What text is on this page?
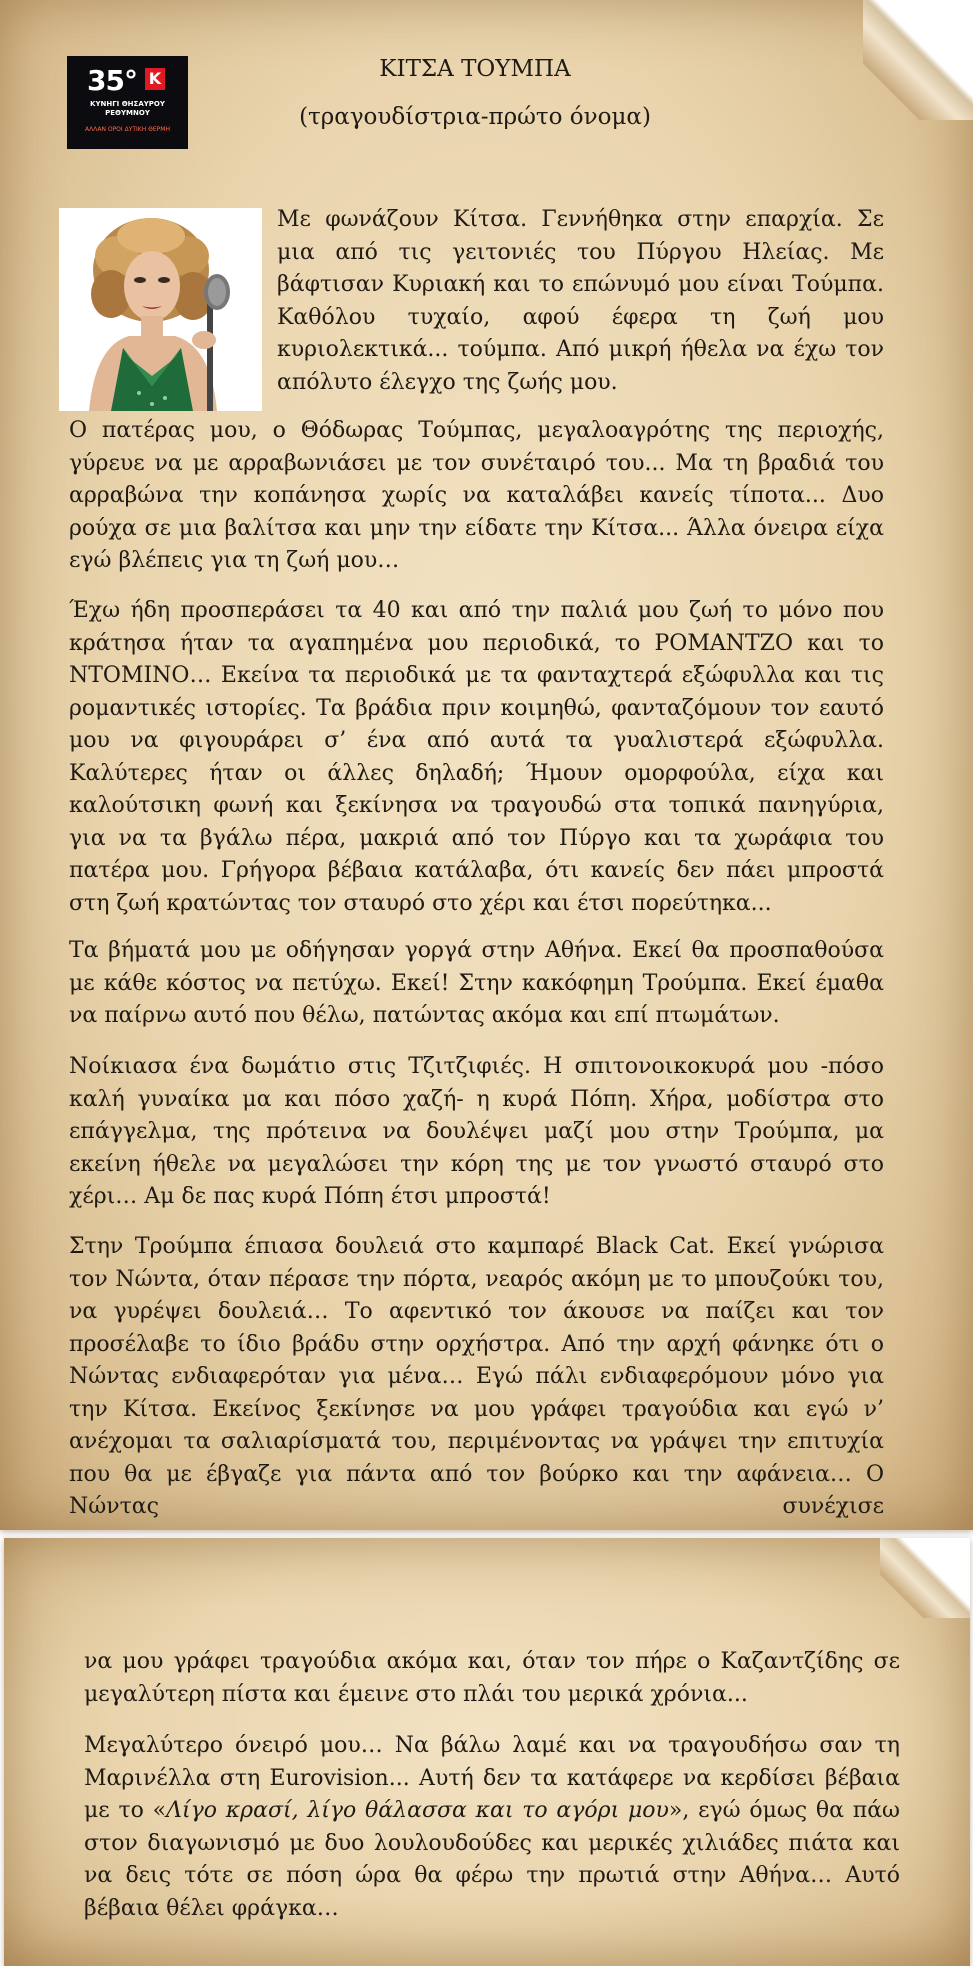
35° Κ
ΚΥΝΗΓΙ ΘΗΣΑΥΡΟΥ
ΡΕΘΥΜΝΟΥ
ΑΛΛΑΝ ΟΡΟΙ ΔΥΤΙΚΗ ΘΕΡΜΗ
ΚΙΤΣΑ ΤΟΥΜΠΑ
(τραγουδίστρια-πρώτο όνομα)

Με φωνάζουν Κίτσα. Γεννήθηκα στην επαρχία. Σε μια από τις γειτονιές του Πύργου Ηλείας. Με βάφτισαν Κυριακή και το επώνυμό μου είναι Τούμπα. Καθόλου τυχαίο, αφού έφερα τη ζωή μου κυριολεκτικά... τούμπα. Από μικρή ήθελα να έχω τον απόλυτο έλεγχο της ζωής μου.

Ο πατέρας μου, ο Θόδωρας Τούμπας, μεγαλοαγρότης της περιοχής, γύρευε να με αρραβωνιάσει με τον συνέταιρό του... Μα τη βραδιά του αρραβώνα την κοπάνησα χωρίς να καταλάβει κανείς τίποτα... Δυο ρούχα σε μια βαλίτσα και μην την είδατε την Κίτσα... Άλλα όνειρα είχα εγώ βλέπεις για τη ζωή μου…

Έχω ήδη προσπεράσει τα 40 και από την παλιά μου ζωή το μόνο που κράτησα ήταν τα αγαπημένα μου περιοδικά, το ΡΟΜΑΝΤΖΟ και το ΝΤΟΜΙΝΟ… Εκείνα τα περιοδικά με τα φανταχτερά εξώφυλλα και τις ρομαντικές ιστορίες. Τα βράδια πριν κοιμηθώ, φανταζόμουν τον εαυτό μου να φιγουράρει σ’ ένα από αυτά τα γυαλιστερά εξώφυλλα. Καλύτερες ήταν οι άλλες δηλαδή; Ήμουν ομορφούλα, είχα και καλούτσικη φωνή και ξεκίνησα να τραγουδώ στα τοπικά πανηγύρια, για να τα βγάλω πέρα, μακριά από τον Πύργο και τα χωράφια του πατέρα μου. Γρήγορα βέβαια κατάλαβα, ότι κανείς δεν πάει μπροστά στη ζωή κρατώντας τον σταυρό στο χέρι και έτσι πορεύτηκα...

Τα βήματά μου με οδήγησαν γοργά στην Αθήνα. Εκεί θα προσπαθούσα με κάθε κόστος να πετύχω. Εκεί! Στην κακόφημη Τρούμπα. Εκεί έμαθα να παίρνω αυτό που θέλω, πατώντας ακόμα και επί πτωμάτων.

Νοίκιασα ένα δωμάτιο στις Τζιτζιφιές. Η σπιτονοικοκυρά μου -πόσο καλή γυναίκα μα και πόσο χαζή- η κυρά Πόπη. Χήρα, μοδίστρα στο επάγγελμα, της πρότεινα να δουλέψει μαζί μου στην Τρούμπα, μα εκείνη ήθελε να μεγαλώσει την κόρη της με τον γνωστό σταυρό στο χέρι… Αμ δε πας κυρά Πόπη έτσι μπροστά!

Στην Τρούμπα έπιασα δουλειά στο καμπαρέ Black Cat. Εκεί γνώρισα τον Νώντα, όταν πέρασε την πόρτα, νεαρός ακόμη με το μπουζούκι του, να γυρέψει δουλειά… Το αφεντικό τον άκουσε να παίζει και τον προσέλαβε το ίδιο βράδυ στην ορχήστρα. Από την αρχή φάνηκε ότι ο Νώντας ενδιαφερόταν για μένα… Εγώ πάλι ενδιαφερόμουν μόνο για την Κίτσα. Εκείνος ξεκίνησε να μου γράφει τραγούδια και εγώ ν’ ανέχομαι τα σαλιαρίσματά του, περιμένοντας να γράψει την επιτυχία που θα με έβγαζε για πάντα από τον βούρκο και την αφάνεια… Ο Νώντας συνέχισε

να μου γράφει τραγούδια ακόμα και, όταν τον πήρε ο Καζαντζίδης σε μεγαλύτερη πίστα και έμεινε στο πλάι του μερικά χρόνια...

Μεγαλύτερο όνειρό μου… Να βάλω λαμέ και να τραγουδήσω σαν τη Μαρινέλλα στη Eurovision... Αυτή δεν τα κατάφερε να κερδίσει βέβαια με το «Λίγο κρασί, λίγο θάλασσα και το αγόρι μου», εγώ όμως θα πάω στον διαγωνισμό με δυο λουλουδούδες και μερικές χιλιάδες πιάτα και να δεις τότε σε πόση ώρα θα φέρω την πρωτιά στην Αθήνα… Αυτό βέβαια θέλει φράγκα…
